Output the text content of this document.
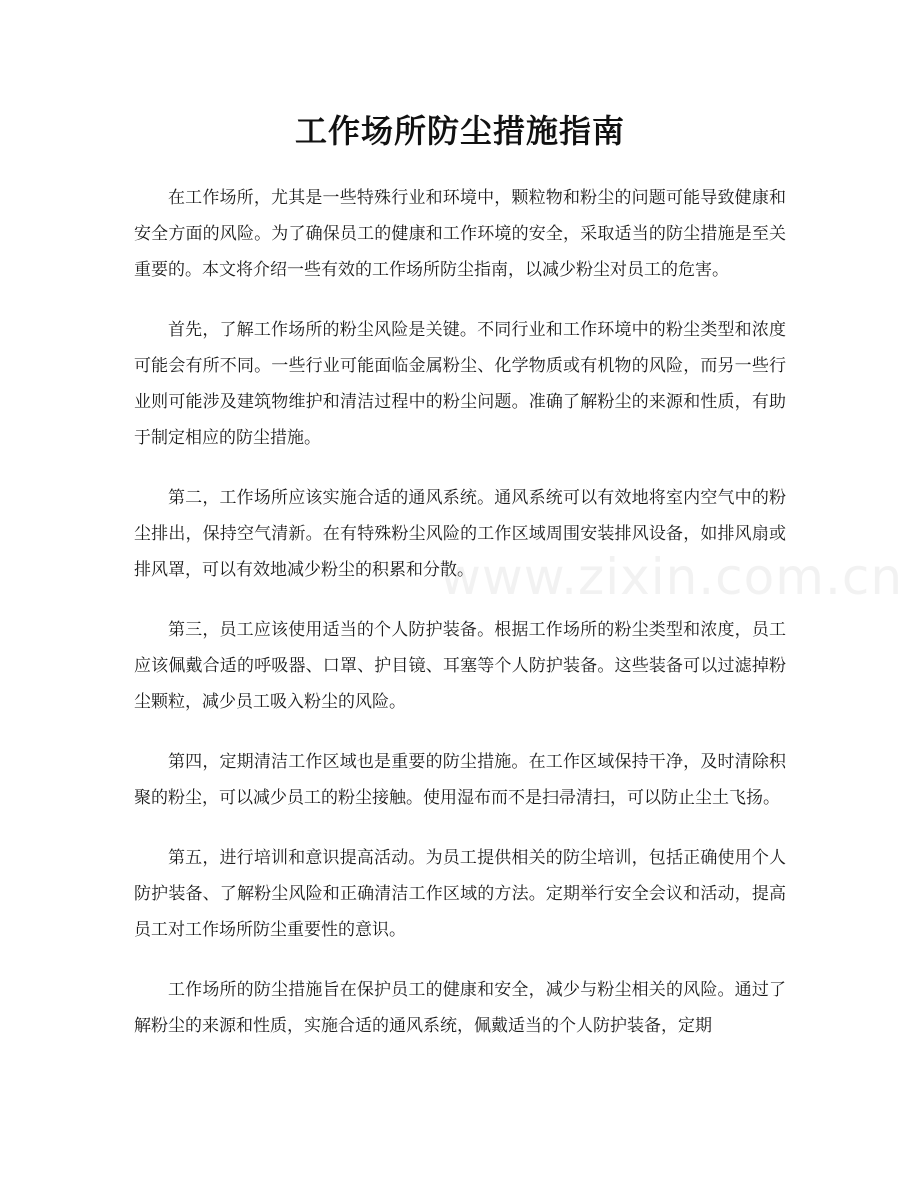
工作场所防尘措施指南

在工作场所，尤其是一些特殊行业和环境中，颗粒物和粉尘的问题可能导致健康和安全方面的风险。为了确保员工的健康和工作环境的安全，采取适当的防尘措施是至关重要的。本文将介绍一些有效的工作场所防尘指南，以减少粉尘对员工的危害。

首先，了解工作场所的粉尘风险是关键。不同行业和工作环境中的粉尘类型和浓度可能会有所不同。一些行业可能面临金属粉尘、化学物质或有机物的风险，而另一些行业则可能涉及建筑物维护和清洁过程中的粉尘问题。准确了解粉尘的来源和性质，有助于制定相应的防尘措施。

第二，工作场所应该实施合适的通风系统。通风系统可以有效地将室内空气中的粉尘排出，保持空气清新。在有特殊粉尘风险的工作区域周围安装排风设备，如排风扇或排风罩，可以有效地减少粉尘的积累和分散。

第三，员工应该使用适当的个人防护装备。根据工作场所的粉尘类型和浓度，员工应该佩戴合适的呼吸器、口罩、护目镜、耳塞等个人防护装备。这些装备可以过滤掉粉尘颗粒，减少员工吸入粉尘的风险。

第四，定期清洁工作区域也是重要的防尘措施。在工作区域保持干净，及时清除积聚的粉尘，可以减少员工的粉尘接触。使用湿布而不是扫帚清扫，可以防止尘土飞扬。

第五，进行培训和意识提高活动。为员工提供相关的防尘培训，包括正确使用个人防护装备、了解粉尘风险和正确清洁工作区域的方法。定期举行安全会议和活动，提高员工对工作场所防尘重要性的意识。

工作场所的防尘措施旨在保护员工的健康和安全，减少与粉尘相关的风险。通过了解粉尘的来源和性质，实施合适的通风系统，佩戴适当的个人防护装备，定期

www.zixin.com.cn
